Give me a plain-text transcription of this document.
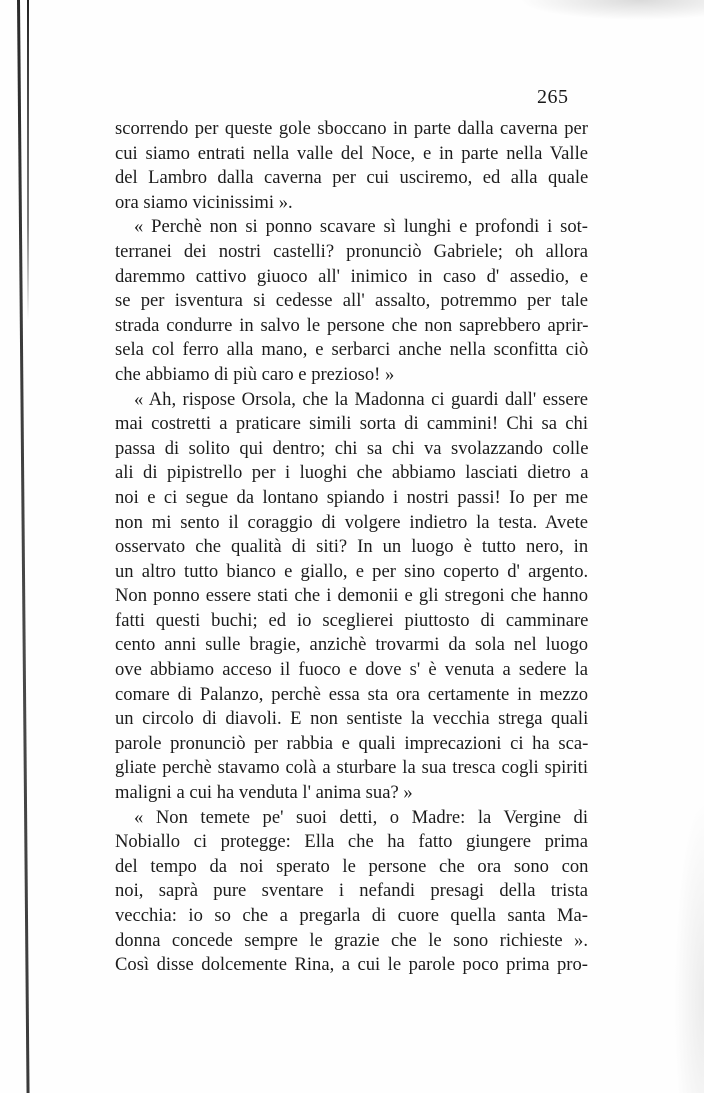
265
scorrendo per queste gole sboccano in parte dalla caverna per
cui siamo entrati nella valle del Noce, e in parte nella Valle
del Lambro dalla caverna per cui usciremo, ed alla quale
ora siamo vicinissimi ».
« Perchè non si ponno scavare sì lunghi e profondi i sot-
terranei dei nostri castelli? pronunciò Gabriele; oh allora
daremmo cattivo giuoco all' inimico in caso d' assedio, e
se per isventura si cedesse all' assalto, potremmo per tale
strada condurre in salvo le persone che non saprebbero aprir-
sela col ferro alla mano, e serbarci anche nella sconfitta ciò
che abbiamo di più caro e prezioso! »
« Ah, rispose Orsola, che la Madonna ci guardi dall' essere
mai costretti a praticare simili sorta di cammini! Chi sa chi
passa di solito qui dentro; chi sa chi va svolazzando colle
ali di pipistrello per i luoghi che abbiamo lasciati dietro a
noi e ci segue da lontano spiando i nostri passi! Io per me
non mi sento il coraggio di volgere indietro la testa. Avete
osservato che qualità di siti? In un luogo è tutto nero, in
un altro tutto bianco e giallo, e per sino coperto d' argento.
Non ponno essere stati che i demonii e gli stregoni che hanno
fatti questi buchi; ed io sceglierei piuttosto di camminare
cento anni sulle bragie, anzichè trovarmi da sola nel luogo
ove abbiamo acceso il fuoco e dove s' è venuta a sedere la
comare di Palanzo, perchè essa sta ora certamente in mezzo
un circolo di diavoli. E non sentiste la vecchia strega quali
parole pronunciò per rabbia e quali imprecazioni ci ha sca-
gliate perchè stavamo colà a sturbare la sua tresca cogli spiriti
maligni a cui ha venduta l' anima sua? »
« Non temete pe' suoi detti, o Madre: la Vergine di
Nobiallo ci protegge: Ella che ha fatto giungere prima
del tempo da noi sperato le persone che ora sono con
noi, saprà pure sventare i nefandi presagi della trista
vecchia: io so che a pregarla di cuore quella santa Ma-
donna concede sempre le grazie che le sono richieste ».
Così disse dolcemente Rina, a cui le parole poco prima pro-
